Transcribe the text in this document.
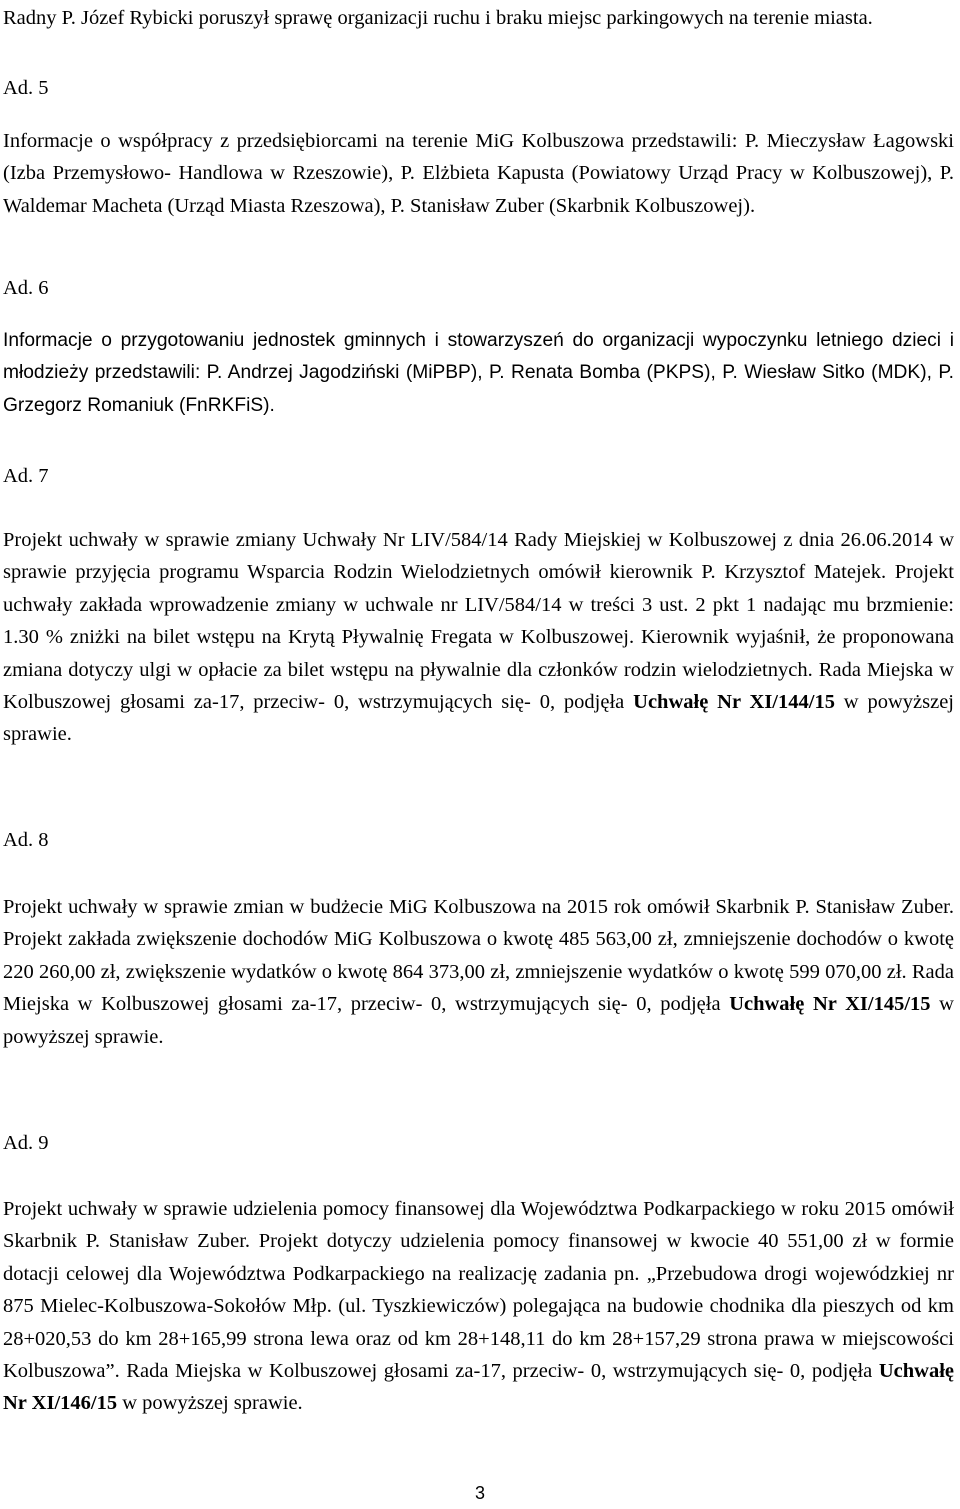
Radny P. Józef Rybicki poruszył sprawę organizacji ruchu i braku miejsc parkingowych na terenie miasta.

Ad. 5

Informacje o współpracy z przedsiębiorcami na terenie MiG Kolbuszowa przedstawili: P. Mieczysław Łagowski (Izba Przemysłowo- Handlowa w Rzeszowie), P. Elżbieta Kapusta (Powiatowy Urząd Pracy w Kolbuszowej), P. Waldemar Macheta (Urząd Miasta Rzeszowa), P. Stanisław Zuber (Skarbnik Kolbuszowej).

Ad. 6

Informacje o przygotowaniu jednostek gminnych i stowarzyszeń do organizacji wypoczynku letniego dzieci i młodzieży przedstawili: P. Andrzej Jagodziński (MiPBP), P. Renata Bomba (PKPS), P. Wiesław Sitko (MDK), P. Grzegorz Romaniuk (FnRKFiS).

Ad. 7

Projekt uchwały w sprawie zmiany Uchwały Nr LIV/584/14 Rady Miejskiej w Kolbuszowej z dnia 26.06.2014 w sprawie przyjęcia programu Wsparcia Rodzin Wielodzietnych omówił kierownik P. Krzysztof Matejek. Projekt uchwały zakłada wprowadzenie zmiany w uchwale nr LIV/584/14 w treści 3 ust. 2 pkt 1 nadając mu brzmienie: 1.30 % zniżki na bilet wstępu na Krytą Pływalnię Fregata w Kolbuszowej. Kierownik wyjaśnił, że proponowana zmiana dotyczy ulgi w opłacie za bilet wstępu na pływalnie dla członków rodzin wielodzietnych. Rada Miejska w Kolbuszowej głosami za-17, przeciw- 0, wstrzymujących się- 0, podjęła Uchwałę Nr XI/144/15 w powyższej sprawie.

Ad. 8

Projekt uchwały w sprawie zmian w budżecie MiG Kolbuszowa na 2015 rok omówił Skarbnik P. Stanisław Zuber. Projekt zakłada zwiększenie dochodów MiG Kolbuszowa o kwotę 485 563,00 zł, zmniejszenie dochodów o kwotę 220 260,00 zł, zwiększenie wydatków o kwotę 864 373,00 zł, zmniejszenie wydatków o kwotę 599 070,00 zł. Rada Miejska w Kolbuszowej głosami za-17, przeciw- 0, wstrzymujących się- 0, podjęła Uchwałę Nr XI/145/15 w powyższej sprawie.

Ad. 9

Projekt uchwały w sprawie udzielenia pomocy finansowej dla Województwa Podkarpackiego w roku 2015 omówił Skarbnik P. Stanisław Zuber. Projekt dotyczy udzielenia pomocy finansowej w kwocie 40 551,00 zł w formie dotacji celowej dla Województwa Podkarpackiego na realizację zadania pn. „Przebudowa drogi wojewódzkiej nr 875 Mielec-Kolbuszowa-Sokołów Młp. (ul. Tyszkiewiczów) polegająca na budowie chodnika dla pieszych od km 28+020,53 do km 28+165,99 strona lewa oraz od km 28+148,11 do km 28+157,29 strona prawa w miejscowości Kolbuszowa”. Rada Miejska w Kolbuszowej głosami za-17, przeciw- 0, wstrzymujących się- 0, podjęła Uchwałę Nr XI/146/15 w powyższej sprawie.

3
